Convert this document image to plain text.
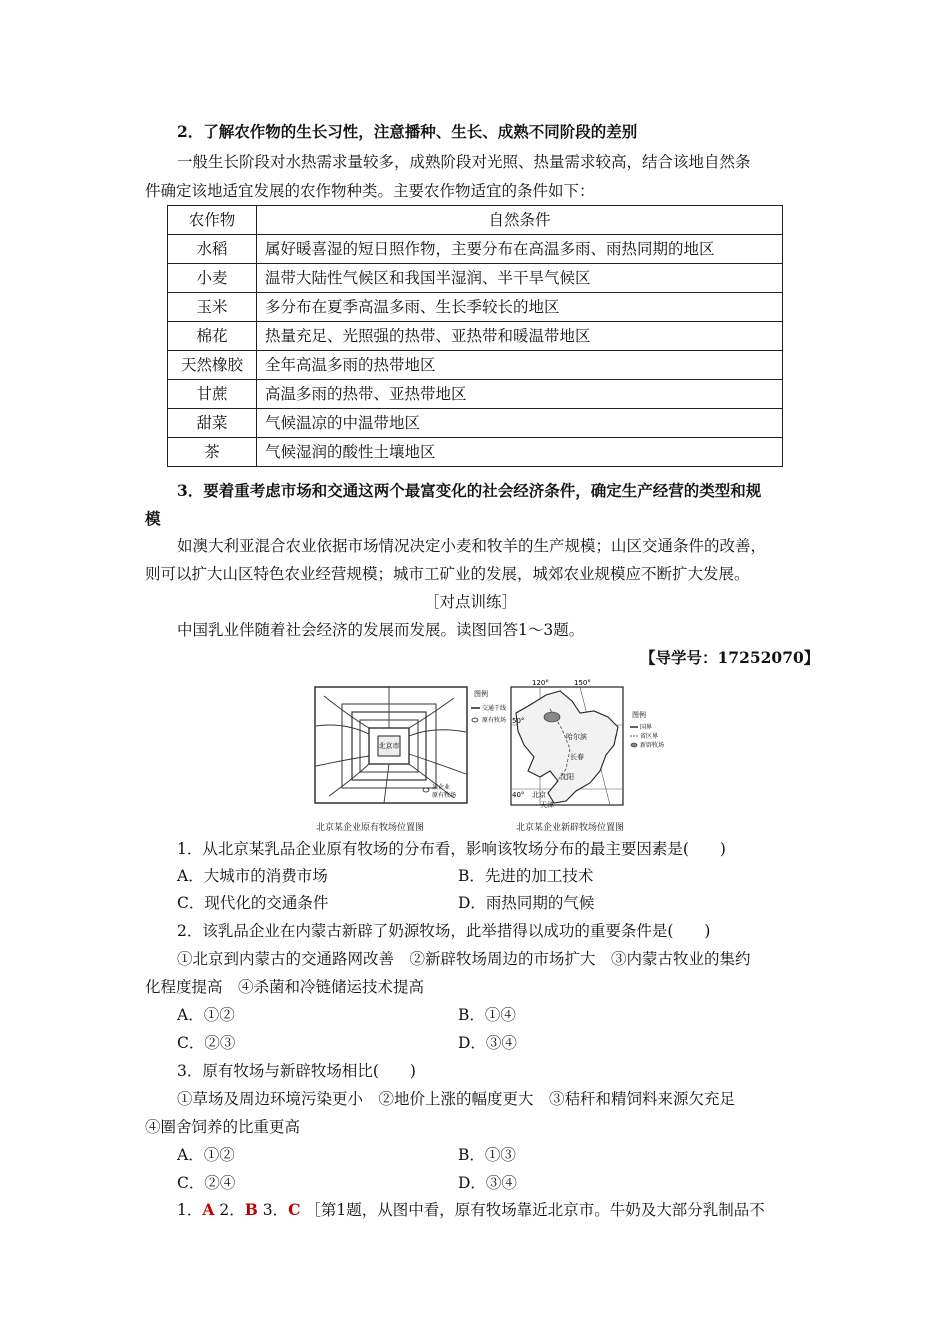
2．了解农作物的生长习性，注意播种、生长、成熟不同阶段的差别
一般生长阶段对水热需求量较多，成熟阶段对光照、热量需求较高，结合该地自然条
件确定该地适宜发展的农作物种类。主要农作物适宜的条件如下：
农作物	自然条件
水稻	属好暖喜湿的短日照作物，主要分布在高温多雨、雨热同期的地区
小麦	温带大陆性气候区和我国半湿润、半干旱气候区
玉米	多分布在夏季高温多雨、生长季较长的地区
棉花	热量充足、光照强的热带、亚热带和暖温带地区
天然橡胶	全年高温多雨的热带地区
甘蔗	高温多雨的热带、亚热带地区
甜菜	气候温凉的中温带地区
茶	气候湿润的酸性土壤地区
3．要着重考虑市场和交通这两个最富变化的社会经济条件，确定生产经营的类型和规
模
如澳大利亚混合农业依据市场情况决定小麦和牧羊的生产规模；山区交通条件的改善，
则可以扩大山区特色农业经营规模；城市工矿业的发展，城郊农业规模应不断扩大发展。
［对点训练］
中国乳业伴随着社会经济的发展而发展。读图回答1～3题。
【导学号：17252070】
北京市
某企业
原有牧场
图例
交通干线
原有牧场
北京某企业原有牧场位置图
120°	150°
50°
40°
哈尔滨
长春
沈阳
北京
天津
图例
国界
省区界
新辟牧场
北京某企业新辟牧场位置图
1．从北京某乳品企业原有牧场的分布看，影响该牧场分布的最主要因素是(　　)
A．大城市的消费市场	B．先进的加工技术
C．现代化的交通条件	D．雨热同期的气候
2．该乳品企业在内蒙古新辟了奶源牧场，此举措得以成功的重要条件是(　　)
①北京到内蒙古的交通路网改善　②新辟牧场周边的市场扩大　③内蒙古牧业的集约
化程度提高　④杀菌和冷链储运技术提高
A．①②	B．①④
C．②③	D．③④
3．原有牧场与新辟牧场相比(　　)
①草场及周边环境污染更小　②地价上涨的幅度更大　③秸秆和精饲料来源欠充足
④圈舍饲养的比重更高
A．①②	B．①③
C．②④	D．③④
1．A 2．B 3．C ［第1题，从图中看，原有牧场靠近北京市。牛奶及大部分乳制品不
